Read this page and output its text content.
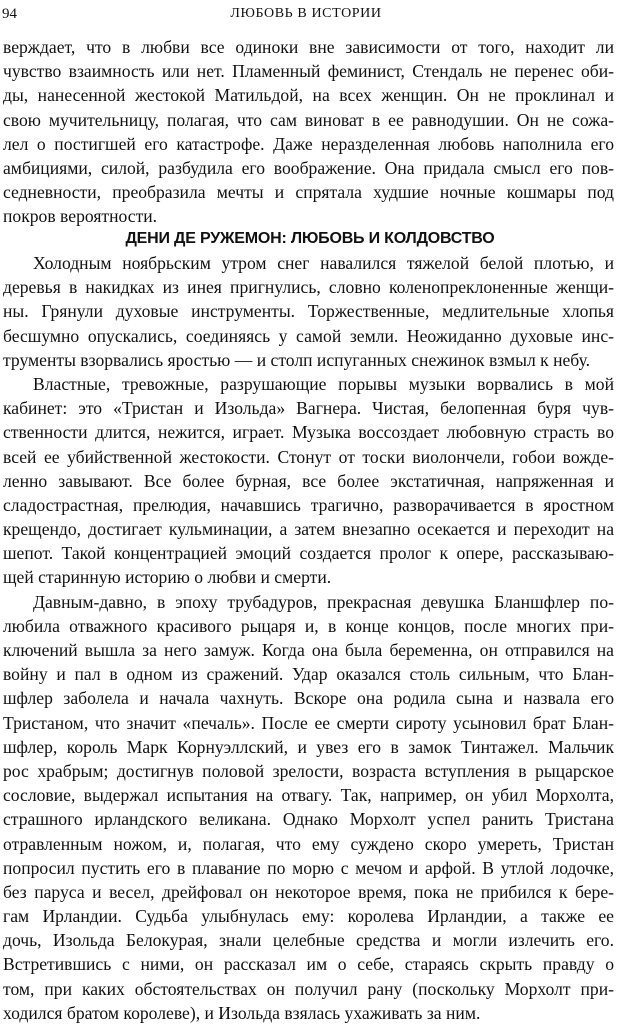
94	ЛЮБОВЬ В ИСТОРИИ
верждает, что в любви все одиноки вне зависимости от того, находит ли
чувство взаимность или нет. Пламенный феминист, Стендаль не перенес оби-
ды, нанесенной жестокой Матильдой, на всех женщин. Он не проклинал и
свою мучительницу, полагая, что сам виноват в ее равнодушии. Он не сожа-
лел о постигшей его катастрофе. Даже неразделенная любовь наполнила его
амбициями, силой, разбудила его воображение. Она придала смысл его пов-
седневности, преобразила мечты и спрятала худшие ночные кошмары под
покров вероятности.
ДЕНИ ДЕ РУЖЕМОН: ЛЮБОВЬ И КОЛДОВСТВО
Холодным ноябрьским утром снег навалился тяжелой белой плотью, и
деревья в накидках из инея пригнулись, словно коленопреклоненные женщи-
ны. Грянули духовые инструменты. Торжественные, медлительные хлопья
бесшумно опускались, соединяясь у самой земли. Неожиданно духовые инс-
трументы взорвались яростью — и столп испуганных снежинок взмыл к небу.
Властные, тревожные, разрушающие порывы музыки ворвались в мой
кабинет: это «Тристан и Изольда» Вагнера. Чистая, белопенная буря чув-
ственности длится, нежится, играет. Музыка воссоздает любовную страсть во
всей ее убийственной жестокости. Стонут от тоски виолончели, гобои вожде-
ленно завывают. Все более бурная, все более экстатичная, напряженная и
сладострастная, прелюдия, начавшись трагично, разворачивается в яростном
крещендо, достигает кульминации, а затем внезапно осекается и переходит на
шепот. Такой концентрацией эмоций создается пролог к опере, рассказываю-
щей старинную историю о любви и смерти.
Давным-давно, в эпоху трубадуров, прекрасная девушка Бланшфлер по-
любила отважного красивого рыцаря и, в конце концов, после многих при-
ключений вышла за него замуж. Когда она была беременна, он отправился на
войну и пал в одном из сражений. Удар оказался столь сильным, что Блан-
шфлер заболела и начала чахнуть. Вскоре она родила сына и назвала его
Тристаном, что значит «печаль». После ее смерти сироту усыновил брат Блан-
шфлер, король Марк Корнуэллский, и увез его в замок Тинтажел. Мальчик
рос храбрым; достигнув половой зрелости, возраста вступления в рыцарское
сословие, выдержал испытания на отвагу. Так, например, он убил Морхолта,
страшного ирландского великана. Однако Морхолт успел ранить Тристана
отравленным ножом, и, полагая, что ему суждено скоро умереть, Тристан
попросил пустить его в плавание по морю с мечом и арфой. В утлой лодочке,
без паруса и весел, дрейфовал он некоторое время, пока не прибился к бере-
гам Ирландии. Судьба улыбнулась ему: королева Ирландии, а также ее
дочь, Изольда Белокурая, знали целебные средства и могли излечить его.
Встретившись с ними, он рассказал им о себе, стараясь скрыть правду о
том, при каких обстоятельствах он получил рану (поскольку Морхолт при-
ходился братом королеве), и Изольда взялась ухаживать за ним.
